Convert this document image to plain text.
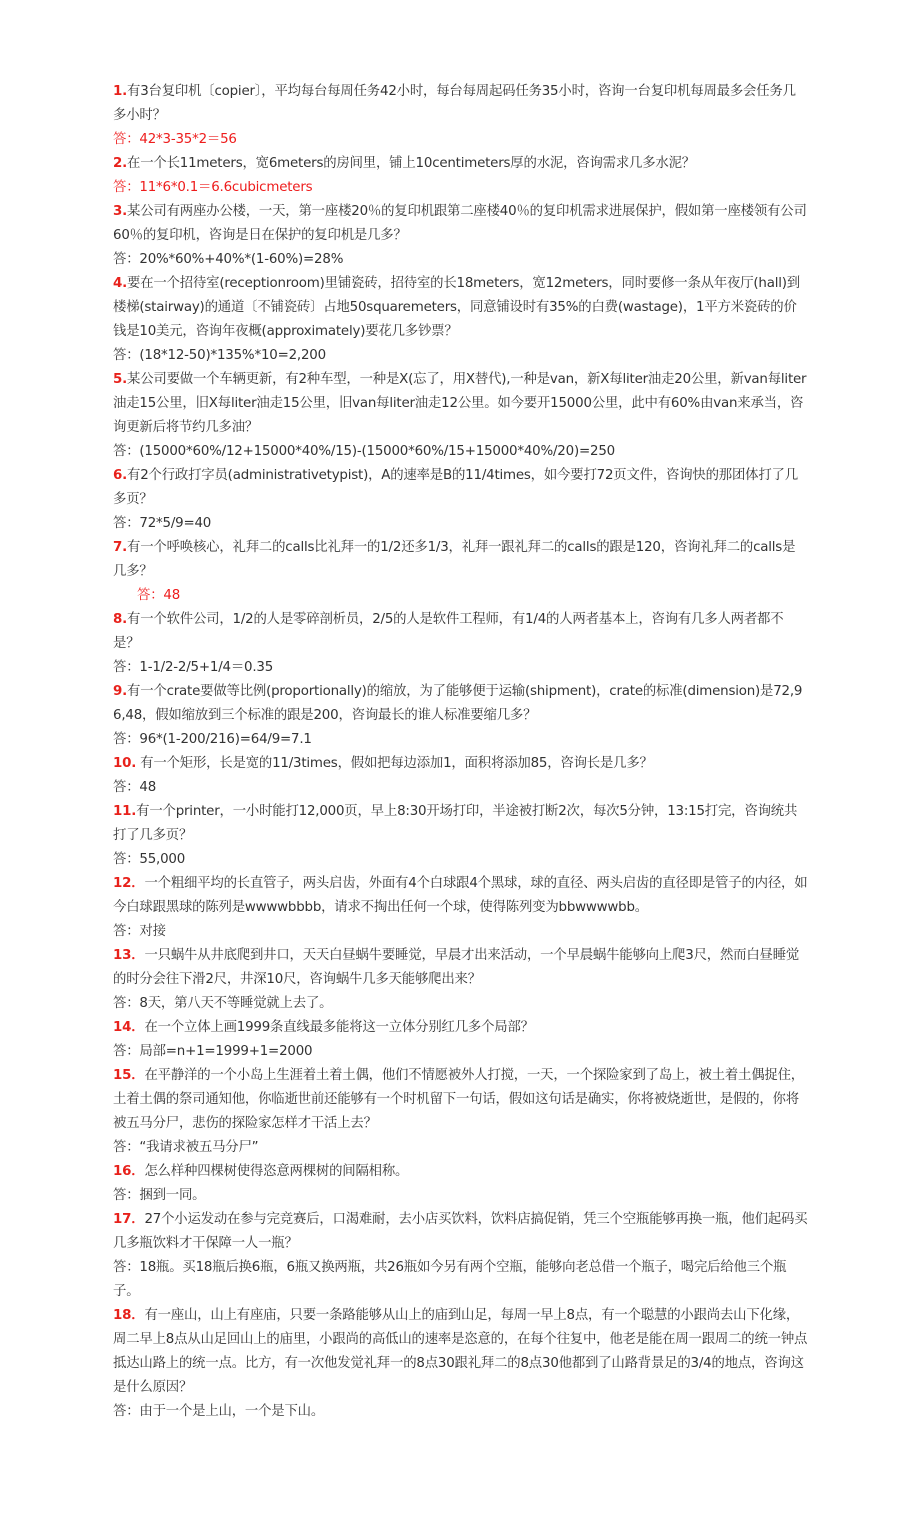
1.有3台复印机〔copier〕，平均每台每周任务42小时，每台每周起码任务35小时，咨询一台复印机每周最多会任务几多小时？

答：42*3-35*2＝56

2.在一个长11meters，宽6meters的房间里，铺上10centimeters厚的水泥，咨询需求几多水泥？

答：11*6*0.1＝6.6cubicmeters

3.某公司有两座办公楼，一天，第一座楼20％的复印机跟第二座楼40％的复印机需求进展保护，假如第一座楼领有公司60％的复印机，咨询是日在保护的复印机是几多？

答：20%*60%+40%*(1-60%)=28%

4.要在一个招待室(receptionroom)里铺瓷砖，招待室的长18meters，宽12meters，同时要修一条从年夜厅(hall)到楼梯(stairway)的通道〔不铺瓷砖〕占地50squaremeters，同意铺设时有35%的白费(wastage)，1平方米瓷砖的价钱是10美元，咨询年夜概(approximately)要花几多钞票？

答：(18*12-50)*135%*10=2,200

5.某公司要做一个车辆更新，有2种车型，一种是X(忘了，用X替代),一种是van，新X每liter油走20公里，新van每liter油走15公里，旧X每liter油走15公里，旧van每liter油走12公里。如今要开15000公里，此中有60%由van来承当，咨询更新后将节约几多油？

答：(15000*60%/12+15000*40%/15)-(15000*60%/15+15000*40%/20)=250

6.有2个行政打字员(administrativetypist)，A的速率是B的11/4times，如今要打72页文件，咨询快的那团体打了几多页？

答：72*5/9=40

7.有一个呼唤核心，礼拜二的calls比礼拜一的1/2还多1/3，礼拜一跟礼拜二的calls的跟是120，咨询礼拜二的calls是几多？

答：48

8.有一个软件公司，1/2的人是零碎剖析员，2/5的人是软件工程师，有1/4的人两者基本上，咨询有几多人两者都不是？

答：1-1/2-2/5+1/4＝0.35

9.有一个crate要做等比例(proportionally)的缩放，为了能够便于运输(shipment)，crate的标准(dimension)是72,96,48，假如缩放到三个标准的跟是200，咨询最长的谁人标准要缩几多？

答：96*(1-200/216)=64/9=7.1

10. 有一个矩形，长是宽的11/3times，假如把每边添加1，面积将添加85，咨询长是几多？

答：48

11.有一个printer，一小时能打12,000页，早上8:30开场打印，半途被打断2次，每次5分钟，13:15打完，咨询统共打了几多页？

答：55,000

12．一个粗细平均的长直管子，两头启齿，外面有4个白球跟4个黑球，球的直径、两头启齿的直径即是管子的内径，如今白球跟黑球的陈列是wwwwbbbb，请求不掏出任何一个球，使得陈列变为bbwwwwbb。

答：对接

13．一只蜗牛从井底爬到井口，天天白昼蜗牛要睡觉，早晨才出来活动，一个早晨蜗牛能够向上爬3尺，然而白昼睡觉的时分会往下滑2尺，井深10尺，咨询蜗牛几多天能够爬出来？

答：8天，第八天不等睡觉就上去了。

14．在一个立体上画1999条直线最多能将这一立体分别红几多个局部？

答：局部=n+1=1999+1=2000

15．在平静洋的一个小岛上生涯着土着土偶，他们不情愿被外人打搅，一天，一个探险家到了岛上，被土着土偶捉住，土着土偶的祭司通知他，你临逝世前还能够有一个时机留下一句话，假如这句话是确实，你将被烧逝世，是假的，你将被五马分尸，悲伤的探险家怎样才干活上去？

答：“我请求被五马分尸”

16．怎么样种四棵树使得恣意两棵树的间隔相称。

答：捆到一同。

17．27个小运发动在参与完竞赛后，口渴难耐，去小店买饮料，饮料店搞促销，凭三个空瓶能够再换一瓶，他们起码买几多瓶饮料才干保障一人一瓶？

答：18瓶。买18瓶后换6瓶，6瓶又换两瓶，共26瓶如今另有两个空瓶，能够向老总借一个瓶子，喝完后给他三个瓶子。

18．有一座山，山上有座庙，只要一条路能够从山上的庙到山足，每周一早上8点，有一个聪慧的小跟尚去山下化缘，周二早上8点从山足回山上的庙里，小跟尚的高低山的速率是恣意的，在每个往复中，他老是能在周一跟周二的统一钟点抵达山路上的统一点。比方，有一次他发觉礼拜一的8点30跟礼拜二的8点30他都到了山路背景足的3/4的地点，咨询这是什么原因？

答：由于一个是上山，一个是下山。
